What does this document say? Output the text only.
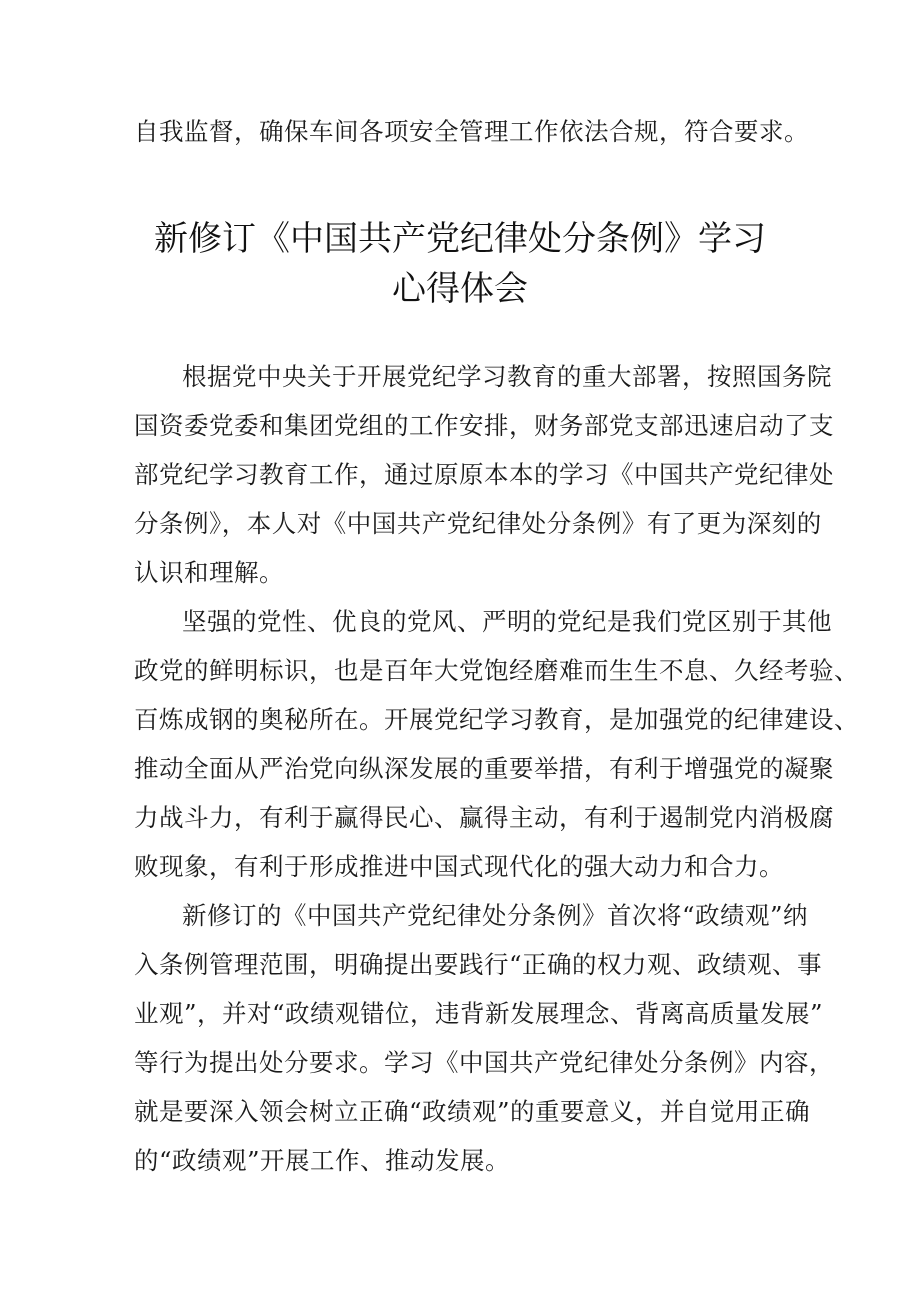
自我监督，确保车间各项安全管理工作依法合规，符合要求。

新修订《中国共产党纪律处分条例》学习
心得体会

根据党中央关于开展党纪学习教育的重大部署，按照国务院

国资委党委和集团党组的工作安排，财务部党支部迅速启动了支

部党纪学习教育工作，通过原原本本的学习《中国共产党纪律处

分条例》，本人对《中国共产党纪律处分条例》有了更为深刻的

认识和理解。

坚强的党性、优良的党风、严明的党纪是我们党区别于其他

政党的鲜明标识，也是百年大党饱经磨难而生生不息、久经考验、

百炼成钢的奥秘所在。开展党纪学习教育，是加强党的纪律建设、

推动全面从严治党向纵深发展的重要举措，有利于增强党的凝聚

力战斗力，有利于赢得民心、赢得主动，有利于遏制党内消极腐

败现象，有利于形成推进中国式现代化的强大动力和合力。

新修订的《中国共产党纪律处分条例》首次将“政绩观”纳

入条例管理范围，明确提出要践行“正确的权力观、政绩观、事

业观”，并对“政绩观错位，违背新发展理念、背离高质量发展”

等行为提出处分要求。学习《中国共产党纪律处分条例》内容，

就是要深入领会树立正确“政绩观”的重要意义，并自觉用正确

的“政绩观”开展工作、推动发展。
